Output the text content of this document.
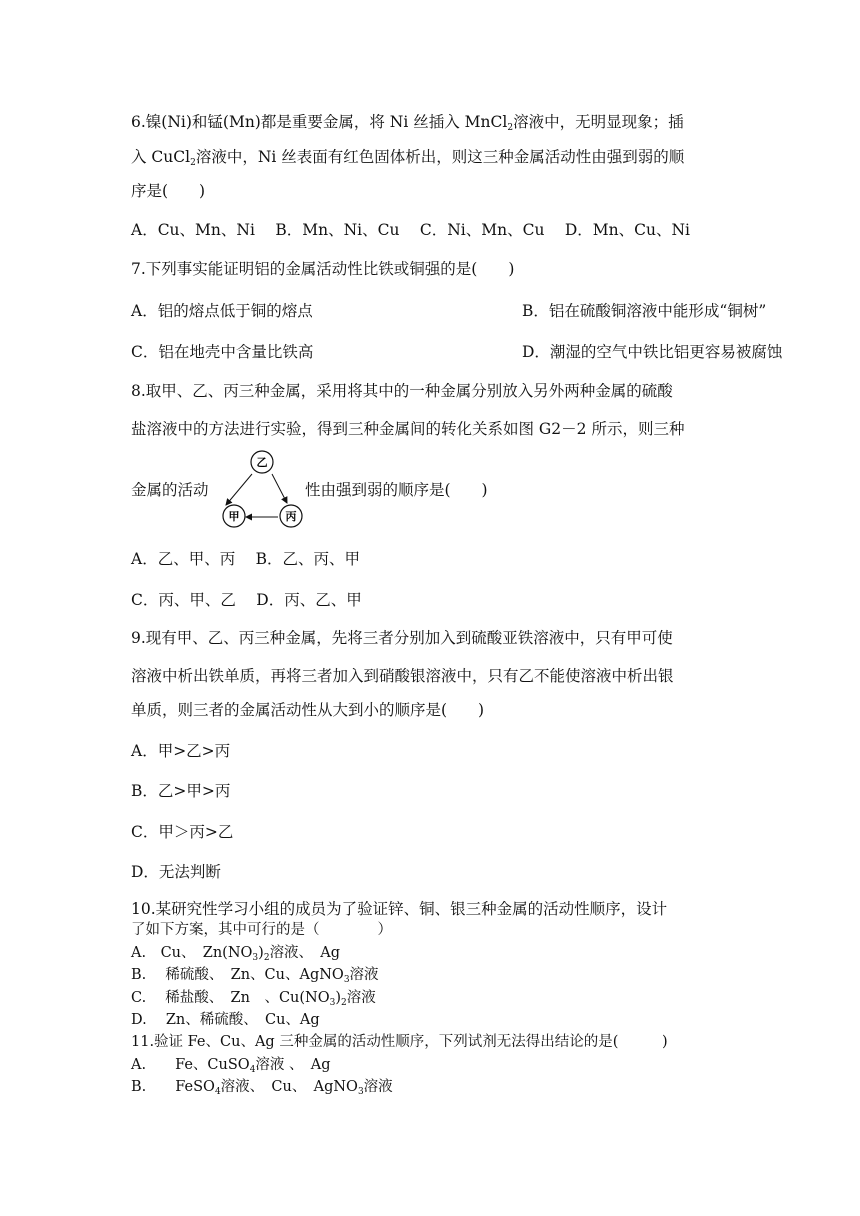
6.镍(Ni)和锰(Mn)都是重要金属，将 Ni 丝插入 MnCl$_2$溶液中，无明显现象；插
入 CuCl$_2$溶液中，Ni 丝表面有红色固体析出，则这三种金属活动性由强到弱的顺
序是(　　)
A．Cu、Mn、Ni　 B．Mn、Ni、Cu　 C．Ni、Mn、Cu　 D．Mn、Cu、Ni
7.下列事实能证明铝的金属活动性比铁或铜强的是(　　)
A．铝的熔点低于铜的熔点	B．铝在硫酸铜溶液中能形成“铜树”
C．铝在地壳中含量比铁高	D．潮湿的空气中铁比铝更容易被腐蚀
8.取甲、乙、丙三种金属，采用将其中的一种金属分别放入另外两种金属的硫酸
盐溶液中的方法进行实验，得到三种金属间的转化关系如图 G2－2 所示，则三种
金属的活动	性由强到弱的顺序是(　　)
乙
甲	丙
A．乙、甲、丙　 B．乙、丙、甲
C．丙、甲、乙　 D．丙、乙、甲
9.现有甲、乙、丙三种金属，先将三者分别加入到硫酸亚铁溶液中，只有甲可使
溶液中析出铁单质，再将三者加入到硝酸银溶液中，只有乙不能使溶液中析出银
单质，则三者的金属活动性从大到小的顺序是(　　)
A．甲>乙>丙
B．乙>甲>丙
C．甲＞丙>乙
D．无法判断
10.某研究性学习小组的成员为了验证锌、铜、银三种金属的活动性顺序，设计
了如下方案，其中可行的是（　　　　）
A.　Cu、　$Zn(NO_3)_2$溶液、　Ag
B.　 稀硫酸、　Zn、Cu、AgNO$_3$溶液
C.　 稀盐酸、　Zn　、$Cu(NO_3)_2$溶液
D.　 Zn、稀硫酸、　Cu、Ag
11.验证 Fe、Cu、Ag 三种金属的活动性顺序，下列试剂无法得出结论的是(　　　)
A.　　Fe、CuSO$_4$溶液 、　Ag
B.　　FeSO$_4$溶液、　Cu、　AgNO$_3$溶液
